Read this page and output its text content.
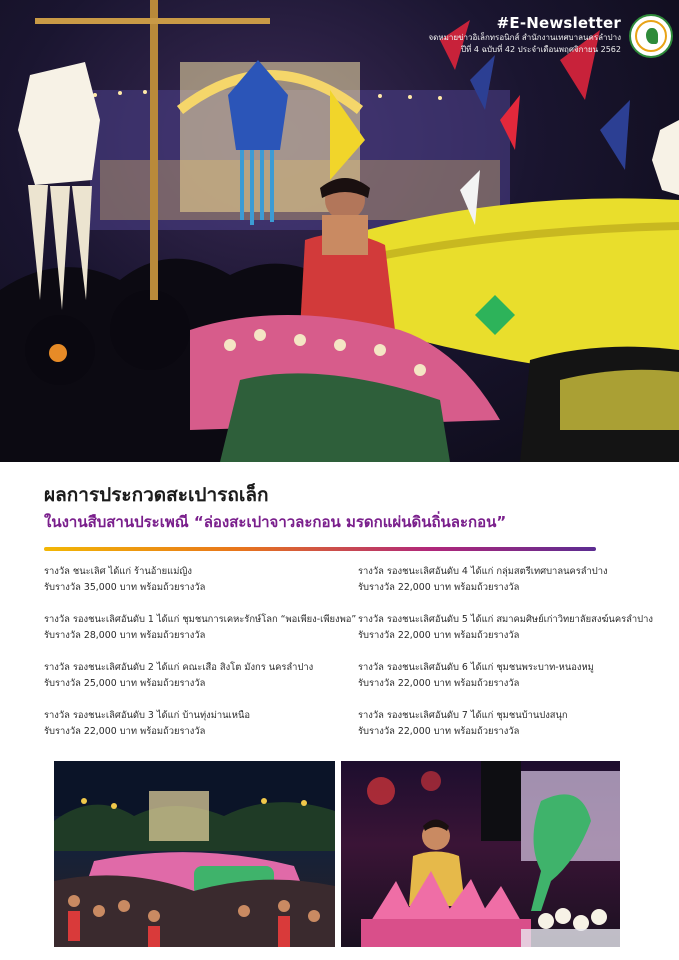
#E-Newsletter
จดหมายข่าวอิเล็กทรอนิกส์ สำนักงานเทศบาลนครลำปาง
ปีที่ 4 ฉบับที่ 42 ประจำเดือนพฤศจิกายน 2562
ผลการประกวดสะเปารถเล็ก
ในงานสืบสานประเพณี “ล่องสะเปาจาวละกอน มรดกแผ่นดินถิ่นละกอน”
รางวัล ชนะเลิศ ได้แก่ ร้านอ้ายแม่ญิง
รับรางวัล 35,000 บาท พร้อมถ้วยรางวัล
รางวัล รองชนะเลิศอันดับ 1 ได้แก่ ชุมชนการเคหะรักษ์โลก “พอเพียง-เพียงพอ”
รับรางวัล 28,000 บาท พร้อมถ้วยรางวัล
รางวัล รองชนะเลิศอันดับ 2 ได้แก่ คณะเสือ สิงโต มังกร นครลำปาง
รับรางวัล 25,000 บาท พร้อมถ้วยรางวัล
รางวัล รองชนะเลิศอันดับ 3 ได้แก่ บ้านทุ่งม่านเหนือ
รับรางวัล 22,000 บาท พร้อมถ้วยรางวัล
รางวัล รองชนะเลิศอันดับ 4 ได้แก่ กลุ่มสตรีเทศบาลนครลำปาง
รับรางวัล 22,000 บาท พร้อมถ้วยรางวัล
รางวัล รองชนะเลิศอันดับ 5 ได้แก่ สมาคมศิษย์เก่าวิทยาลัยสงฆ์นครลำปาง
รับรางวัล 22,000 บาท พร้อมถ้วยรางวัล
รางวัล รองชนะเลิศอันดับ 6 ได้แก่ ชุมชนพระบาท-หนองหมู
รับรางวัล 22,000 บาท พร้อมถ้วยรางวัล
รางวัล รองชนะเลิศอันดับ 7 ได้แก่ ชุมชนบ้านปงสนุก
รับรางวัล 22,000 บาท พร้อมถ้วยรางวัล
